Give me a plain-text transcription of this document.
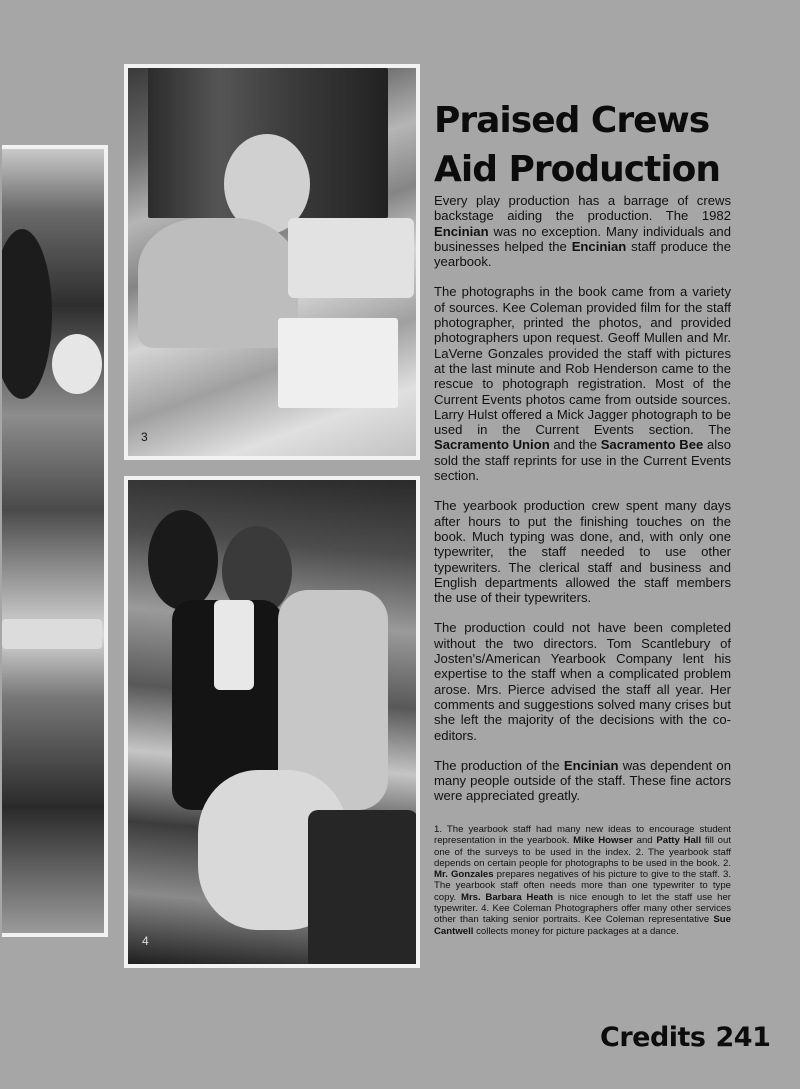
3
4
Praised Crews
Aid Production

Every play production has a barrage of crews backstage aiding the production. The 1982 Encinian was no exception. Many individuals and businesses helped the Encinian staff produce the yearbook.

The photographs in the book came from a variety of sources. Kee Coleman provided film for the staff photographer, printed the photos, and provided photographers upon request. Geoff Mullen and Mr. LaVerne Gonzales provided the staff with pictures at the last minute and Rob Henderson came to the rescue to photograph registration. Most of the Current Events photos came from outside sources. Larry Hulst offered a Mick Jagger photograph to be used in the Current Events section. The Sacramento Union and the Sacramento Bee also sold the staff reprints for use in the Current Events section.

The yearbook production crew spent many days after hours to put the finishing touches on the book. Much typing was done, and, with only one typewriter, the staff needed to use other typewriters. The clerical staff and business and English departments allowed the staff members the use of their typewriters.

The production could not have been completed without the two directors. Tom Scantlebury of Josten's/American Yearbook Company lent his expertise to the staff when a complicated problem arose. Mrs. Pierce advised the staff all year. Her comments and suggestions solved many crises but she left the majority of the decisions with the co-editors.

The production of the Encinian was dependent on many people outside of the staff. These fine actors were appreciated greatly.

1. The yearbook staff had many new ideas to encourage student representation in the yearbook. Mike Howser and Patty Hall fill out one of the surveys to be used in the index. 2. The yearbook staff depends on certain people for photographs to be used in the book. 2. Mr. Gonzales prepares negatives of his picture to give to the staff. 3. The yearbook staff often needs more than one typewriter to type copy. Mrs. Barbara Heath is nice enough to let the staff use her typewriter. 4. Kee Coleman Photographers offer many other services other than taking senior portraits. Kee Coleman representative Sue Cantwell collects money for picture packages at a dance.
Credits 241
